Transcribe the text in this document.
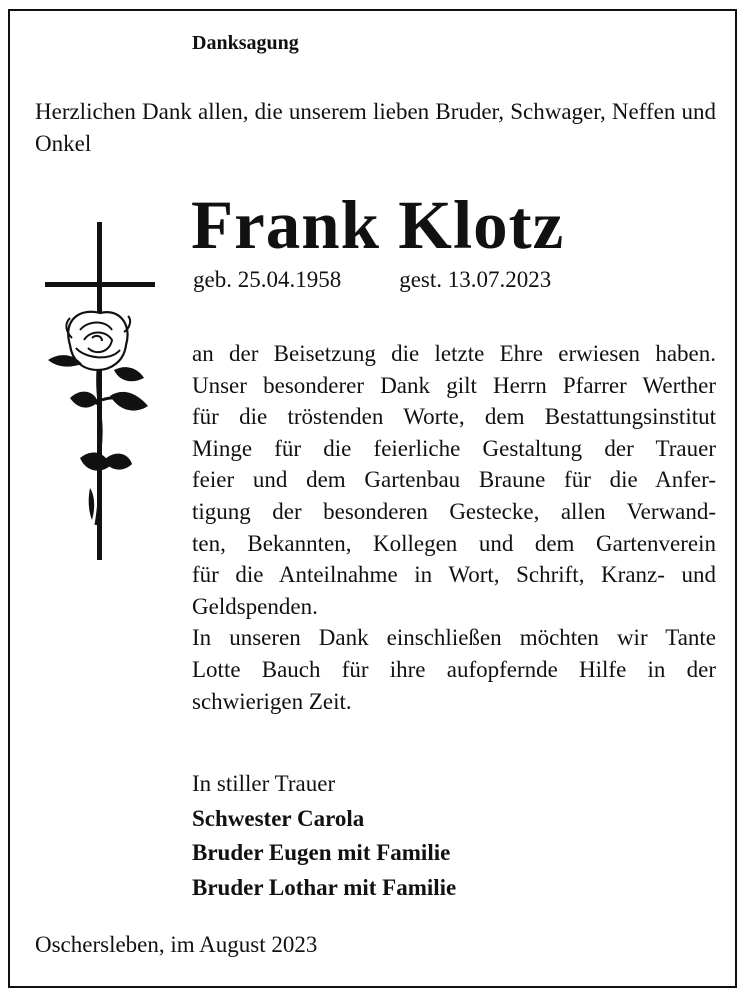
Danksagung

Herzlichen Dank allen, die unserem lieben Bruder, Schwager, Neffen und Onkel

Frank Klotz

geb. 25.04.1958	gest. 13.07.2023

an der Beisetzung die letzte Ehre erwiesen haben.
Unser besonderer Dank gilt Herrn Pfarrer Werther
für die tröstenden Worte, dem Bestattungsinstitut
Minge für die feierliche Gestaltung der Trauer
feier und dem Gartenbau Braune für die Anfer-
tigung der besonderen Gestecke, allen Verwand-
ten, Bekannten, Kollegen und dem Gartenverein
für die Anteilnahme in Wort, Schrift, Kranz- und
Geldspenden.
In unseren Dank einschließen möchten wir Tante
Lotte Bauch für ihre aufopfernde Hilfe in der
schwierigen Zeit.
In stiller Trauer
Schwester Carola
Bruder Eugen mit Familie
Bruder Lothar mit Familie

Oschersleben, im August 2023
